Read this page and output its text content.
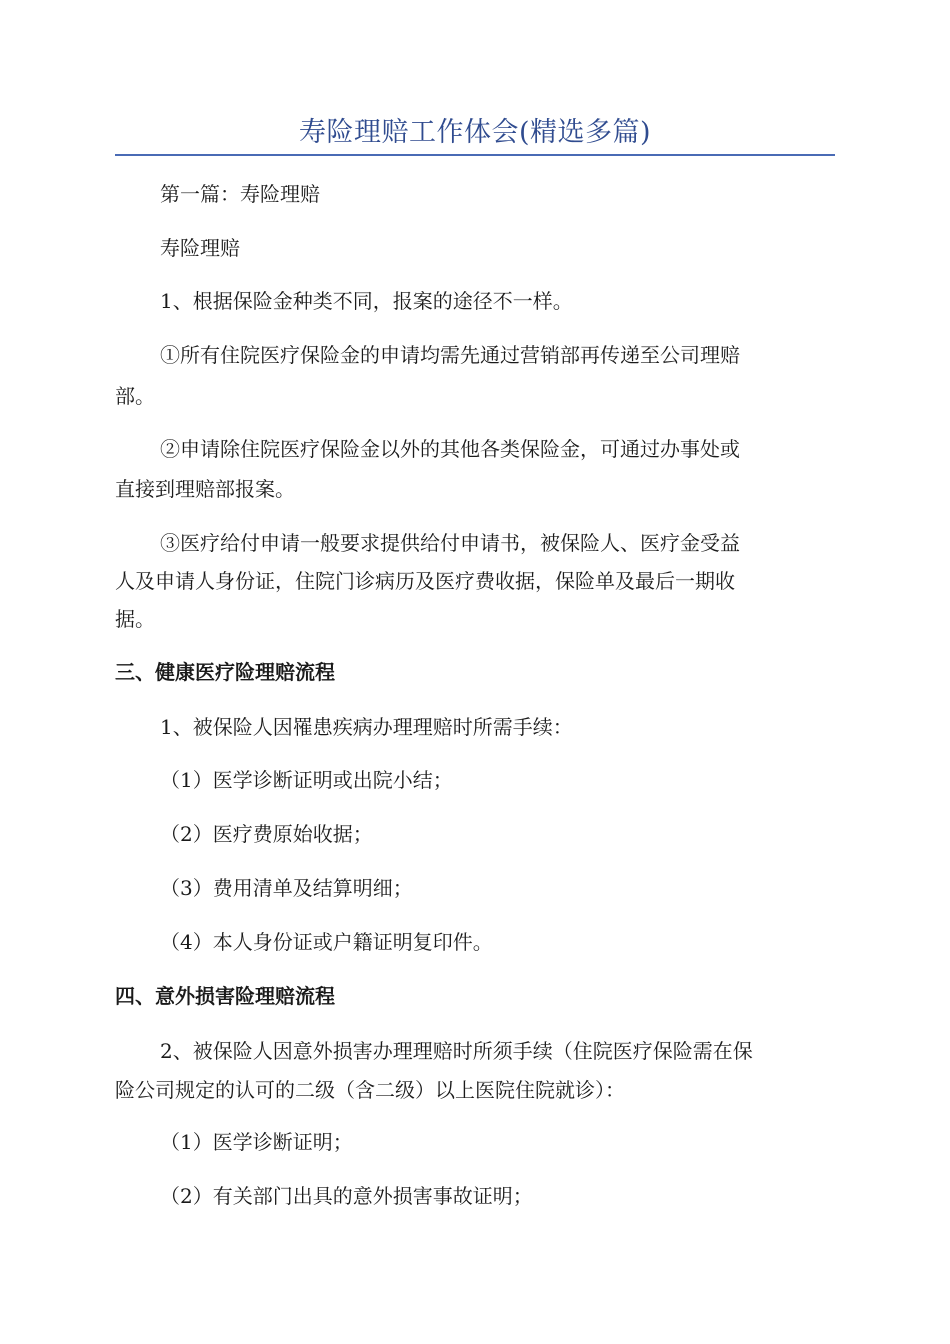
寿险理赔工作体会(精选多篇)
第一篇：寿险理赔
寿险理赔
1、根据保险金种类不同，报案的途径不一样。
①所有住院医疗保险金的申请均需先通过营销部再传递至公司理赔
部。
②申请除住院医疗保险金以外的其他各类保险金，可通过办事处或
直接到理赔部报案。
③医疗给付申请一般要求提供给付申请书，被保险人、医疗金受益
人及申请人身份证，住院门诊病历及医疗费收据，保险单及最后一期收
据。
三、健康医疗险理赔流程
1、被保险人因罹患疾病办理理赔时所需手续：
（1）医学诊断证明或出院小结；
（2）医疗费原始收据；
（3）费用清单及结算明细；
（4）本人身份证或户籍证明复印件。
四、意外损害险理赔流程
2、被保险人因意外损害办理理赔时所须手续（住院医疗保险需在保
险公司规定的认可的二级（含二级）以上医院住院就诊）：
（1）医学诊断证明；
（2）有关部门出具的意外损害事故证明；
